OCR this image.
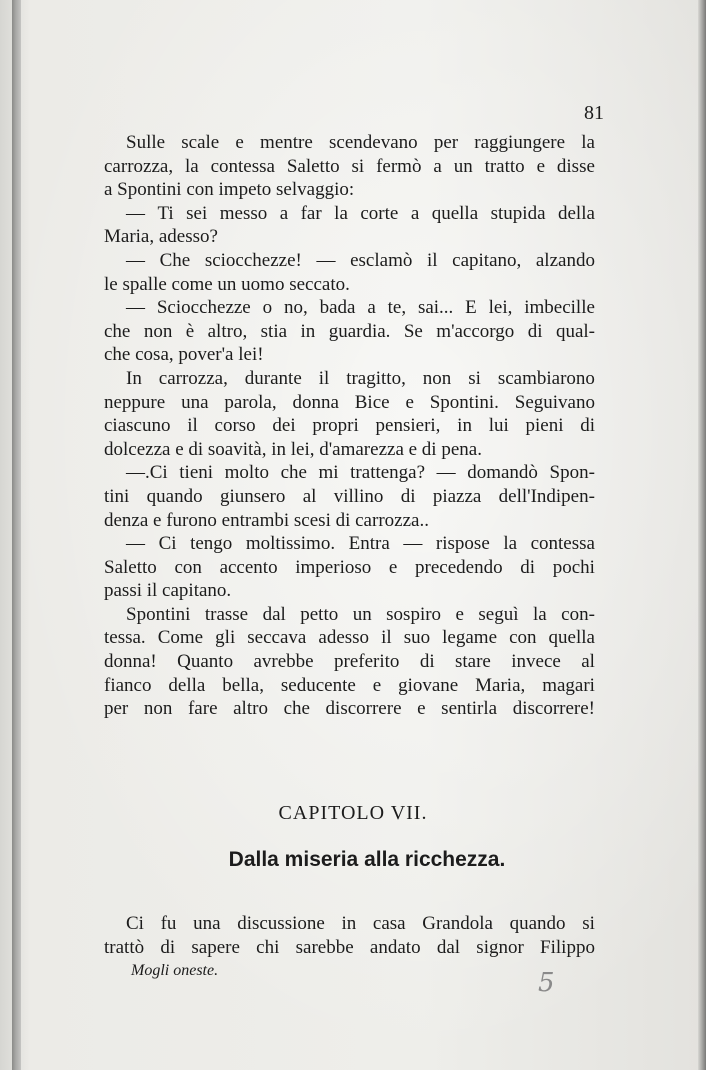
81
Sulle scale e mentre scendevano per raggiungere la
carrozza, la contessa Saletto si fermò a un tratto e disse
a Spontini con impeto selvaggio:
— Ti sei messo a far la corte a quella stupida della
Maria, adesso?
— Che sciocchezze! — esclamò il capitano, alzando
le spalle come un uomo seccato.
— Sciocchezze o no, bada a te, sai... E lei, imbecille
che non è altro, stia in guardia. Se m'accorgo di qual-
che cosa, pover'a lei!
In carrozza, durante il tragitto, non si scambiarono
neppure una parola, donna Bice e Spontini. Seguivano
ciascuno il corso dei propri pensieri, in lui pieni di
dolcezza e di soavità, in lei, d'amarezza e di pena.
—.Ci tieni molto che mi trattenga? — domandò Spon-
tini quando giunsero al villino di piazza dell'Indipen-
denza e furono entrambi scesi di carrozza..
— Ci tengo moltissimo. Entra — rispose la contessa
Saletto con accento imperioso e precedendo di pochi
passi il capitano.
Spontini trasse dal petto un sospiro e seguì la con-
tessa. Come gli seccava adesso il suo legame con quella
donna! Quanto avrebbe preferito di stare invece al
fianco della bella, seducente e giovane Maria, magari
per non fare altro che discorrere e sentirla discorrere!
CAPITOLO VII.
Dalla miseria alla ricchezza.
Ci fu una discussione in casa Grandola quando si
trattò di sapere chi sarebbe andato dal signor Filippo
Mogli oneste.	5
